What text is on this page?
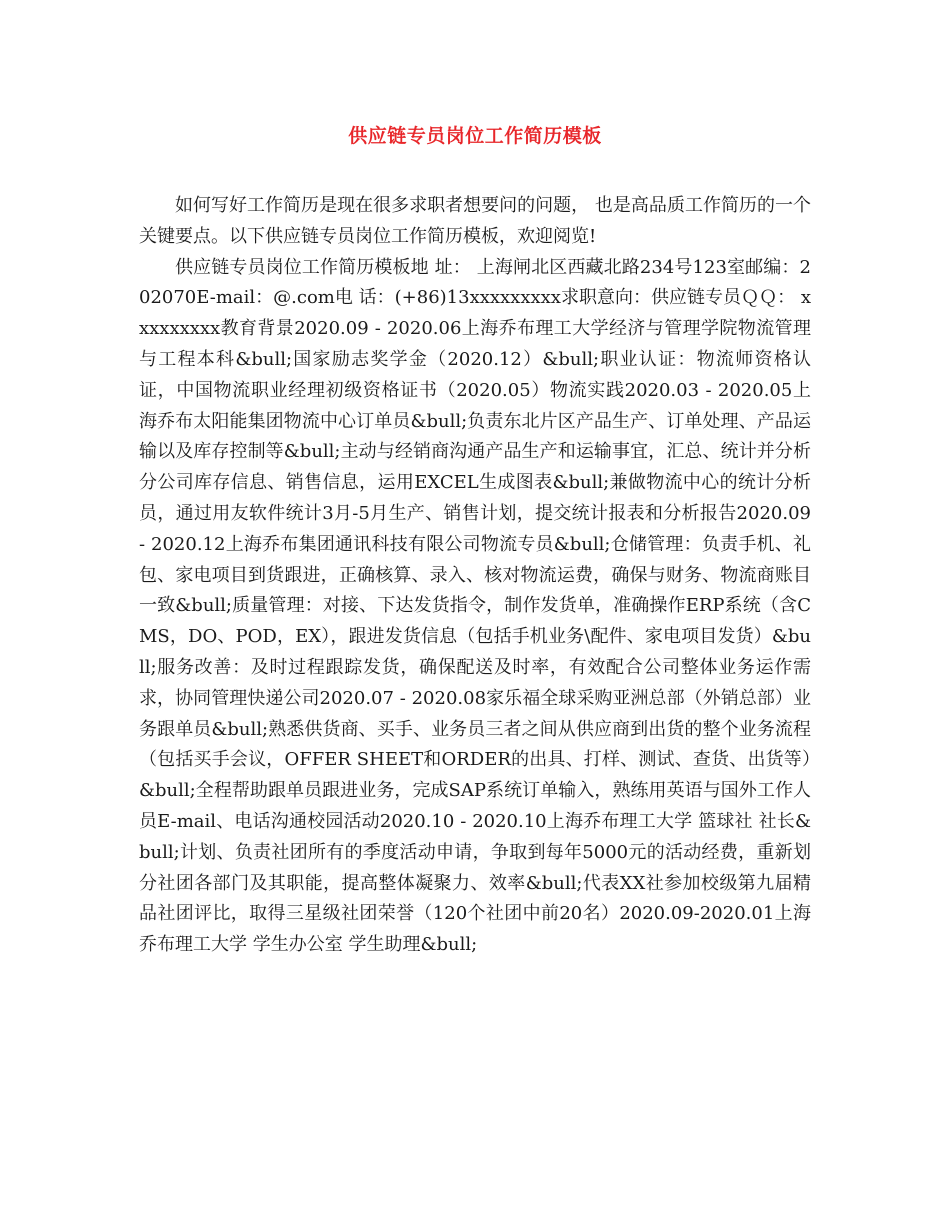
供应链专员岗位工作简历模板

如何写好工作简历是现在很多求职者想要问的问题， 也是高品质工作简历的一个关键要点。以下供应链专员岗位工作简历模板，欢迎阅览!

供应链专员岗位工作简历模板地 址： 上海闸北区西藏北路234号123室邮编：202070E-mail：@.com电 话：(+86)13xxxxxxxxx求职意向：供应链专员ＱＱ： xxxxxxxxx教育背景2020.09 - 2020.06上海乔布理工大学经济与管理学院物流管理与工程本科&bull;国家励志奖学金（2020.12）&bull;职业认证：物流师资格认证，中国物流职业经理初级资格证书（2020.05）物流实践2020.03 - 2020.05上海乔布太阳能集团物流中心订单员&bull;负责东北片区产品生产、订单处理、产品运输以及库存控制等&bull;主动与经销商沟通产品生产和运输事宜，汇总、统计并分析分公司库存信息、销售信息，运用EXCEL生成图表&bull;兼做物流中心的统计分析员，通过用友软件统计3月-5月生产、销售计划，提交统计报表和分析报告2020.09 - 2020.12上海乔布集团通讯科技有限公司物流专员&bull;仓储管理：负责手机、礼包、家电项目到货跟进，正确核算、录入、核对物流运费，确保与财务、物流商账目一致&bull;质量管理：对接、下达发货指令，制作发货单，准确操作ERP系统（含CMS，DO、POD，EX），跟进发货信息（包括手机业务\配件、家电项目发货）&bull;服务改善：及时过程跟踪发货，确保配送及时率，有效配合公司整体业务运作需求，协同管理快递公司2020.07 - 2020.08家乐福全球采购亚洲总部（外销总部）业务跟单员&bull;熟悉供货商、买手、业务员三者之间从供应商到出货的整个业务流程（包括买手会议，OFFER SHEET和ORDER的出具、打样、测试、查货、出货等）&bull;全程帮助跟单员跟进业务，完成SAP系统订单输入，熟练用英语与国外工作人员E-mail、电话沟通校园活动2020.10 - 2020.10上海乔布理工大学 篮球社 社长&bull;计划、负责社团所有的季度活动申请，争取到每年5000元的活动经费，重新划分社团各部门及其职能，提高整体凝聚力、效率&bull;代表XX社参加校级第九届精品社团评比，取得三星级社团荣誉（120个社团中前20名）2020.09-2020.01上海乔布理工大学 学生办公室 学生助理&bull;
